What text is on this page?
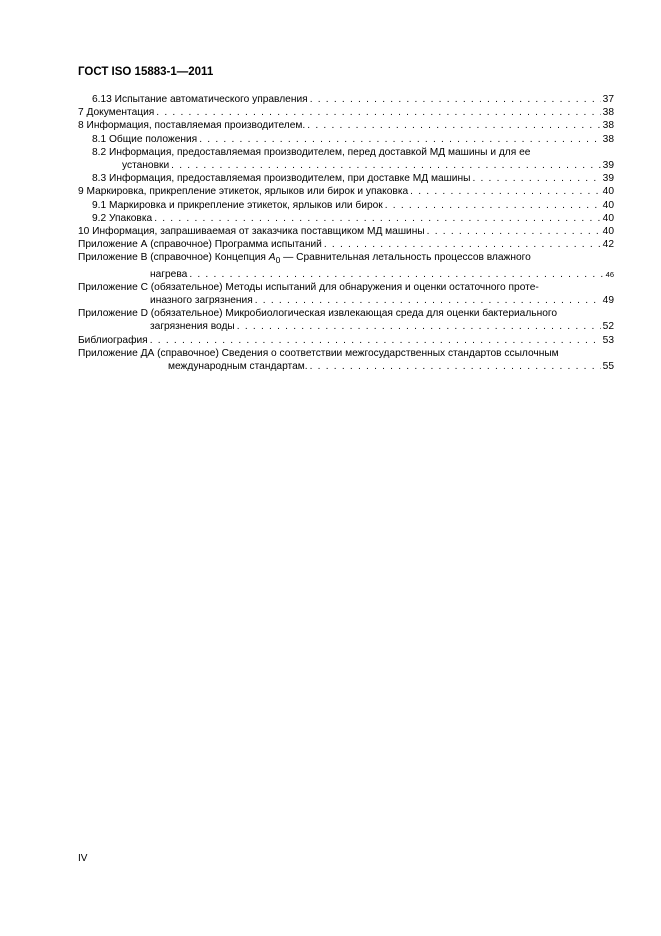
ГОСТ ISO 15883-1—2011
6.13 Испытание автоматического управления . . .	37
7 Документация . . .	38
8 Информация, поставляемая производителем. . . .	38
8.1 Общие положения . . .	38
8.2 Информация, предоставляемая производителем, перед доставкой МД машины и для ее
установки . . .	39
8.3 Информация, предоставляемая производителем, при доставке МД машины . . .	39
9 Маркировка, прикрепление этикеток, ярлыков или бирок и упаковка . . .	40
9.1 Маркировка и прикрепление этикеток, ярлыков или бирок . . .	40
9.2 Упаковка . . .	40
10 Информация, запрашиваемая от заказчика поставщиком МД машины . . .	40
Приложение А (справочное) Программа испытаний . . .	42
Приложение В (справочное) Концепция $A_0$ — Сравнительная летальность процессов влажного
нагрева . . .	46
Приложение С (обязательное) Методы испытаний для обнаружения и оценки остаточного проте-
иназного загрязнения . . .	49
Приложение D (обязательное) Микробиологическая извлекающая среда для оценки бактериального
загрязнения воды . . .	52
Библиография . . .	53
Приложение ДА (справочное) Сведения о соответствии межгосударственных стандартов ссылочным
международным стандартам. . . .	55
IV
